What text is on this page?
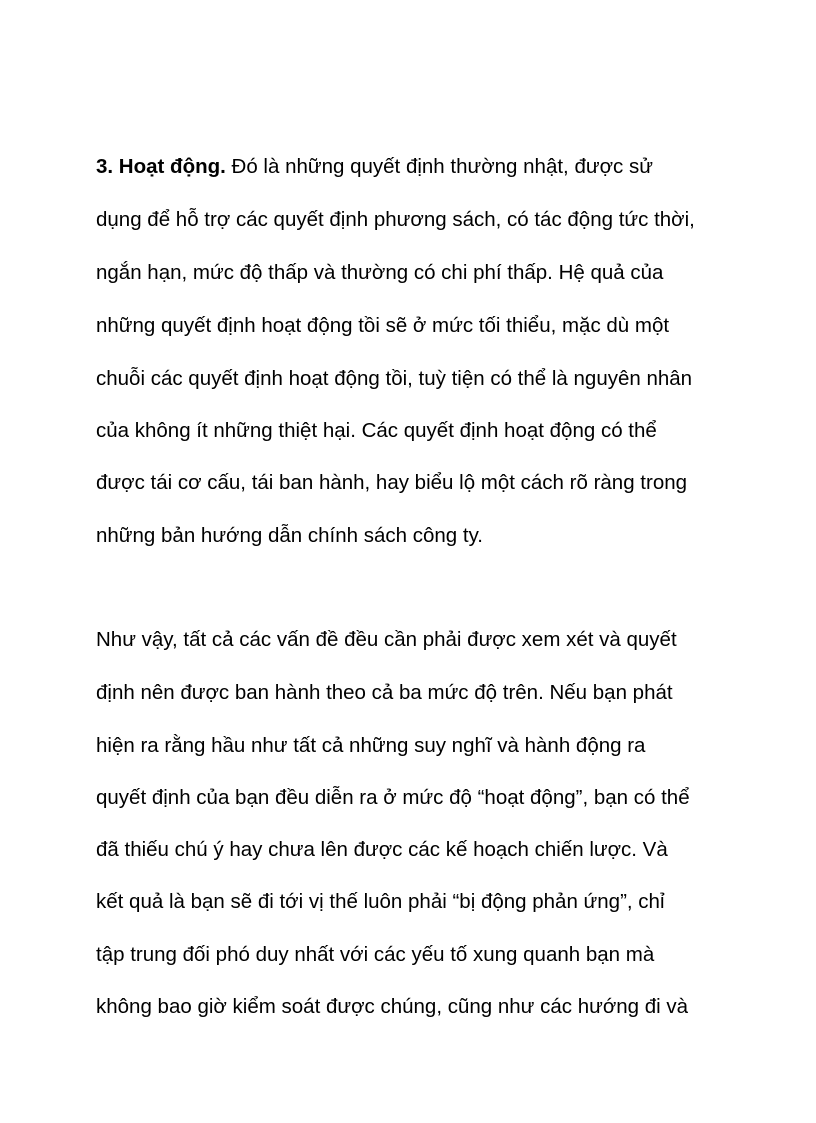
3. Hoạt động. Đó là những quyết định thường nhật, được sử
dụng để hỗ trợ các quyết định phương sách, có tác động tức thời,
ngắn hạn, mức độ thấp và thường có chi phí thấp. Hệ quả của
những quyết định hoạt động tồi sẽ ở mức tối thiểu, mặc dù một
chuỗi các quyết định hoạt động tồi, tuỳ tiện có thể là nguyên nhân
của không ít những thiệt hại. Các quyết định hoạt động có thể
được tái cơ cấu, tái ban hành, hay biểu lộ một cách rõ ràng trong
những bản hướng dẫn chính sách công ty.
Như vậy, tất cả các vấn đề đều cần phải được xem xét và quyết
định nên được ban hành theo cả ba mức độ trên. Nếu bạn phát
hiện ra rằng hầu như tất cả những suy nghĩ và hành động ra
quyết định của bạn đều diễn ra ở mức độ “hoạt động”, bạn có thể
đã thiếu chú ý hay chưa lên được các kế hoạch chiến lược. Và
kết quả là bạn sẽ đi tới vị thế luôn phải “bị động phản ứng”, chỉ
tập trung đối phó duy nhất với các yếu tố xung quanh bạn mà
không bao giờ kiểm soát được chúng, cũng như các hướng đi và
